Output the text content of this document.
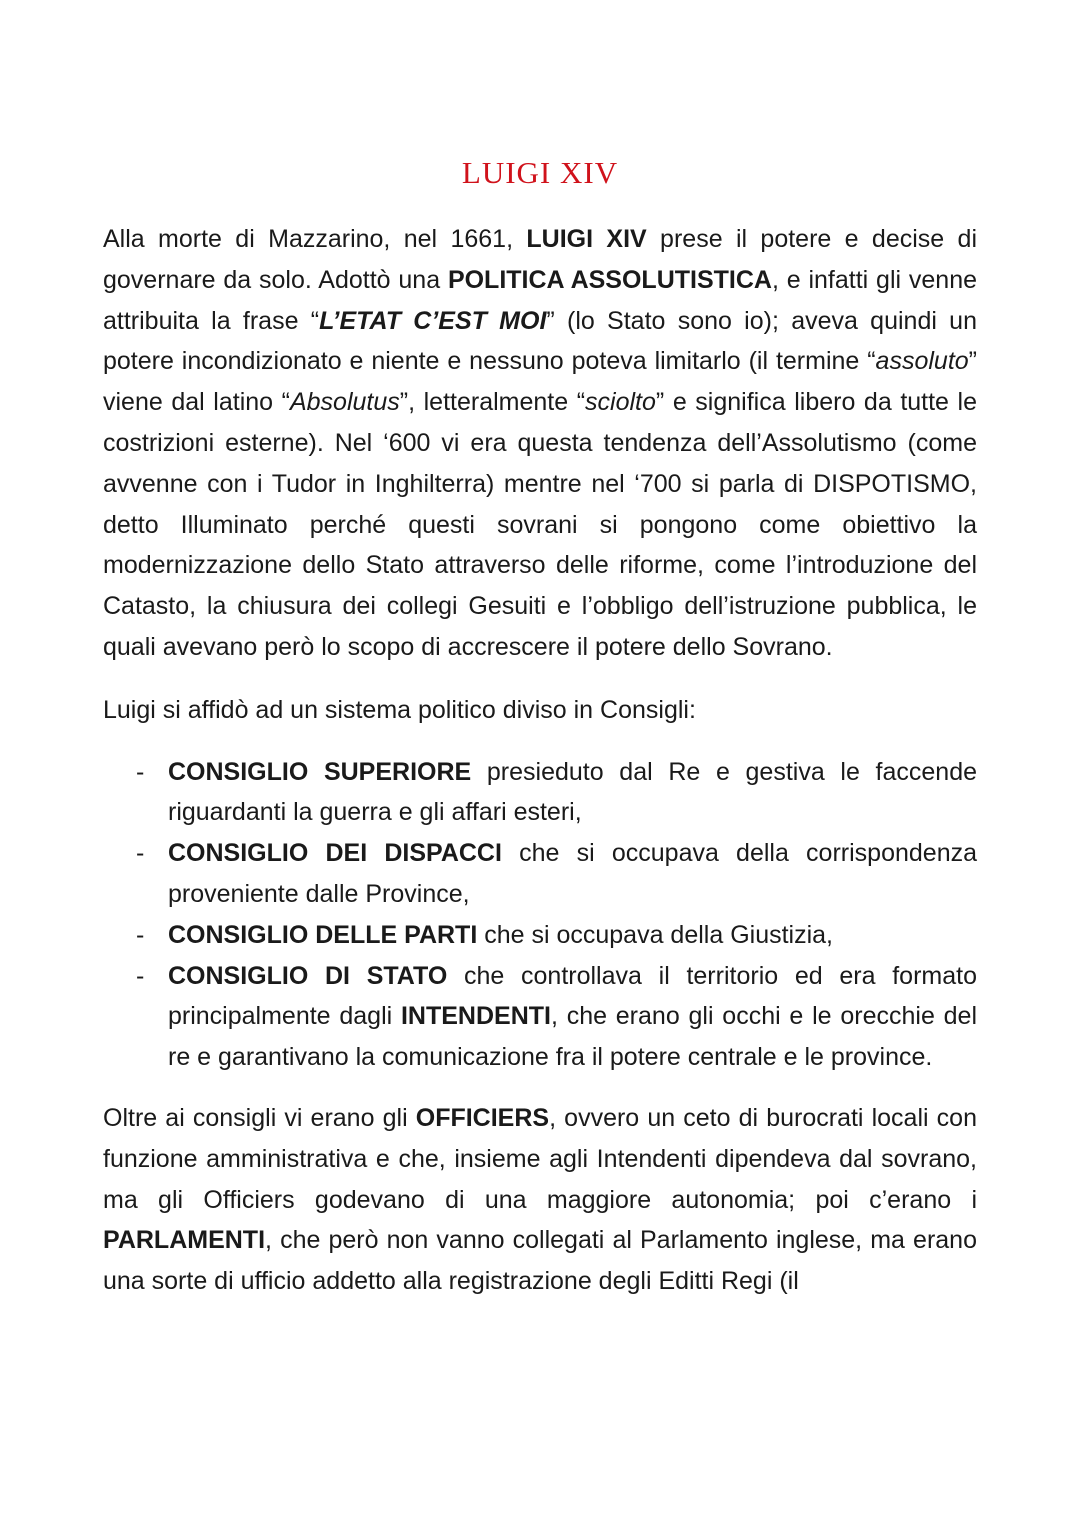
LUIGI XIV

Alla morte di Mazzarino, nel 1661, LUIGI XIV prese il potere e decise di governare da solo. Adottò una POLITICA ASSOLUTISTICA, e infatti gli venne attribuita la frase “L’ETAT C’EST MOI” (lo Stato sono io); aveva quindi un potere incondizionato e niente e nessuno poteva limitarlo (il termine “assoluto” viene dal latino “Absolutus”, letteralmente “sciolto” e significa libero da tutte le costrizioni esterne). Nel ‘600 vi era questa tendenza dell’Assolutismo (come avvenne con i Tudor in Inghilterra) mentre nel ‘700 si parla di DISPOTISMO, detto Illuminato perché questi sovrani si pongono come obiettivo la modernizzazione dello Stato attraverso delle riforme, come l’introduzione del Catasto, la chiusura dei collegi Gesuiti e l’obbligo dell’istruzione pubblica, le quali avevano però lo scopo di accrescere il potere dello Sovrano.

Luigi si affidò ad un sistema politico diviso in Consigli:

- CONSIGLIO SUPERIORE presieduto dal Re e gestiva le faccende riguardanti la guerra e gli affari esteri,
- CONSIGLIO DEI DISPACCI che si occupava della corrispondenza proveniente dalle Province,
- CONSIGLIO DELLE PARTI che si occupava della Giustizia,
- CONSIGLIO DI STATO che controllava il territorio ed era formato principalmente dagli INTENDENTI, che erano gli occhi e le orecchie del re e garantivano la comunicazione fra il potere centrale e le province.

Oltre ai consigli vi erano gli OFFICIERS, ovvero un ceto di burocrati locali con funzione amministrativa e che, insieme agli Intendenti dipendeva dal sovrano, ma gli Officiers godevano di una maggiore autonomia; poi c’erano i PARLAMENTI, che però non vanno collegati al Parlamento inglese, ma erano una sorte di ufficio addetto alla registrazione degli Editti Regi (il
